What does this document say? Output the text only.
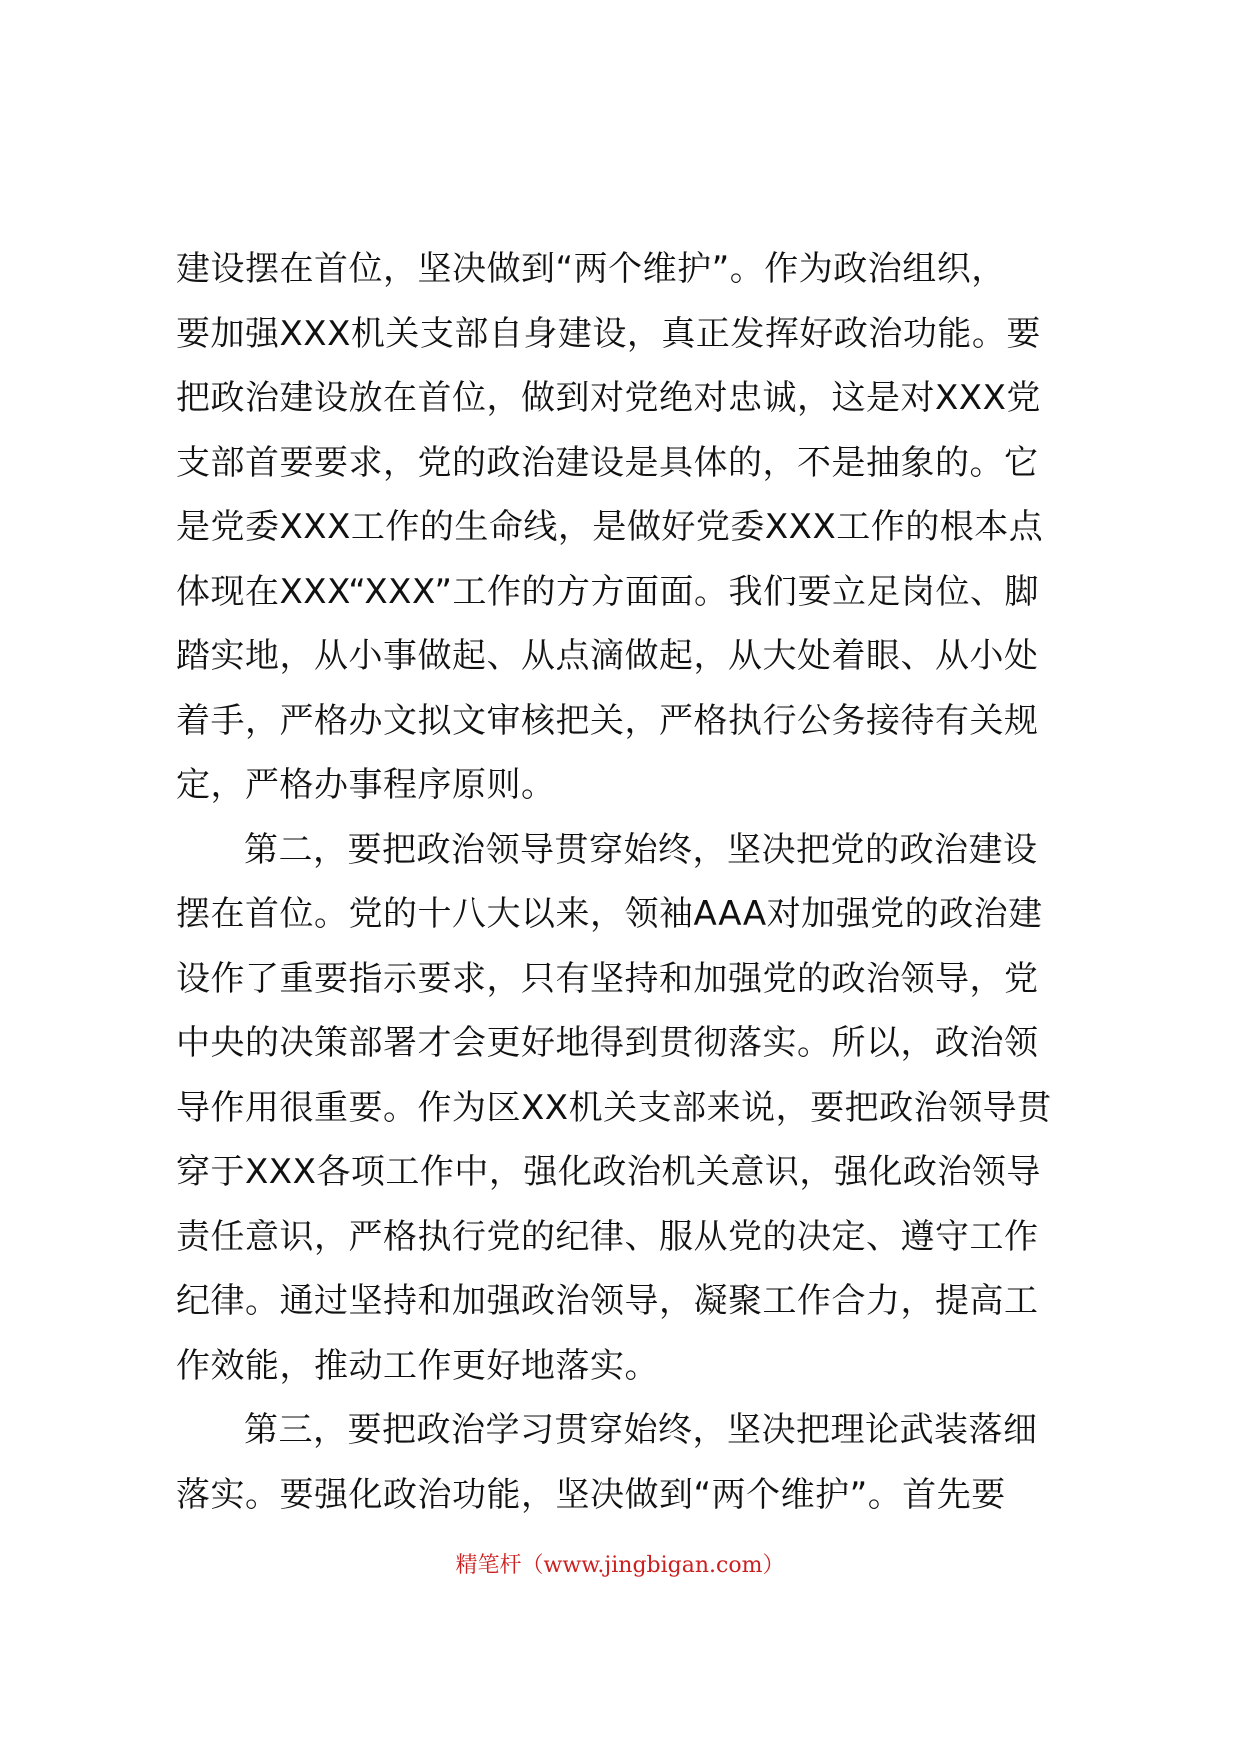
建设摆在首位，坚决做到“两个维护”。作为政治组织，
要加强XXX机关支部自身建设，真正发挥好政治功能。要
把政治建设放在首位，做到对党绝对忠诚，这是对XXX党
支部首要要求，党的政治建设是具体的，不是抽象的。它
是党委XXX工作的生命线，是做好党委XXX工作的根本点
体现在XXX“XXX”工作的方方面面。我们要立足岗位、脚
踏实地，从小事做起、从点滴做起，从大处着眼、从小处
着手，严格办文拟文审核把关，严格执行公务接待有关规
定，严格办事程序原则。
第二，要把政治领导贯穿始终，坚决把党的政治建设
摆在首位。党的十八大以来，领袖AAA对加强党的政治建
设作了重要指示要求，只有坚持和加强党的政治领导，党
中央的决策部署才会更好地得到贯彻落实。所以，政治领
导作用很重要。作为区XX机关支部来说，要把政治领导贯
穿于XXX各项工作中，强化政治机关意识，强化政治领导
责任意识，严格执行党的纪律、服从党的决定、遵守工作
纪律。通过坚持和加强政治领导，凝聚工作合力，提高工
作效能，推动工作更好地落实。
第三，要把政治学习贯穿始终，坚决把理论武装落细
落实。要强化政治功能，坚决做到“两个维护”。首先要
精笔杆（www.jingbigan.com）
